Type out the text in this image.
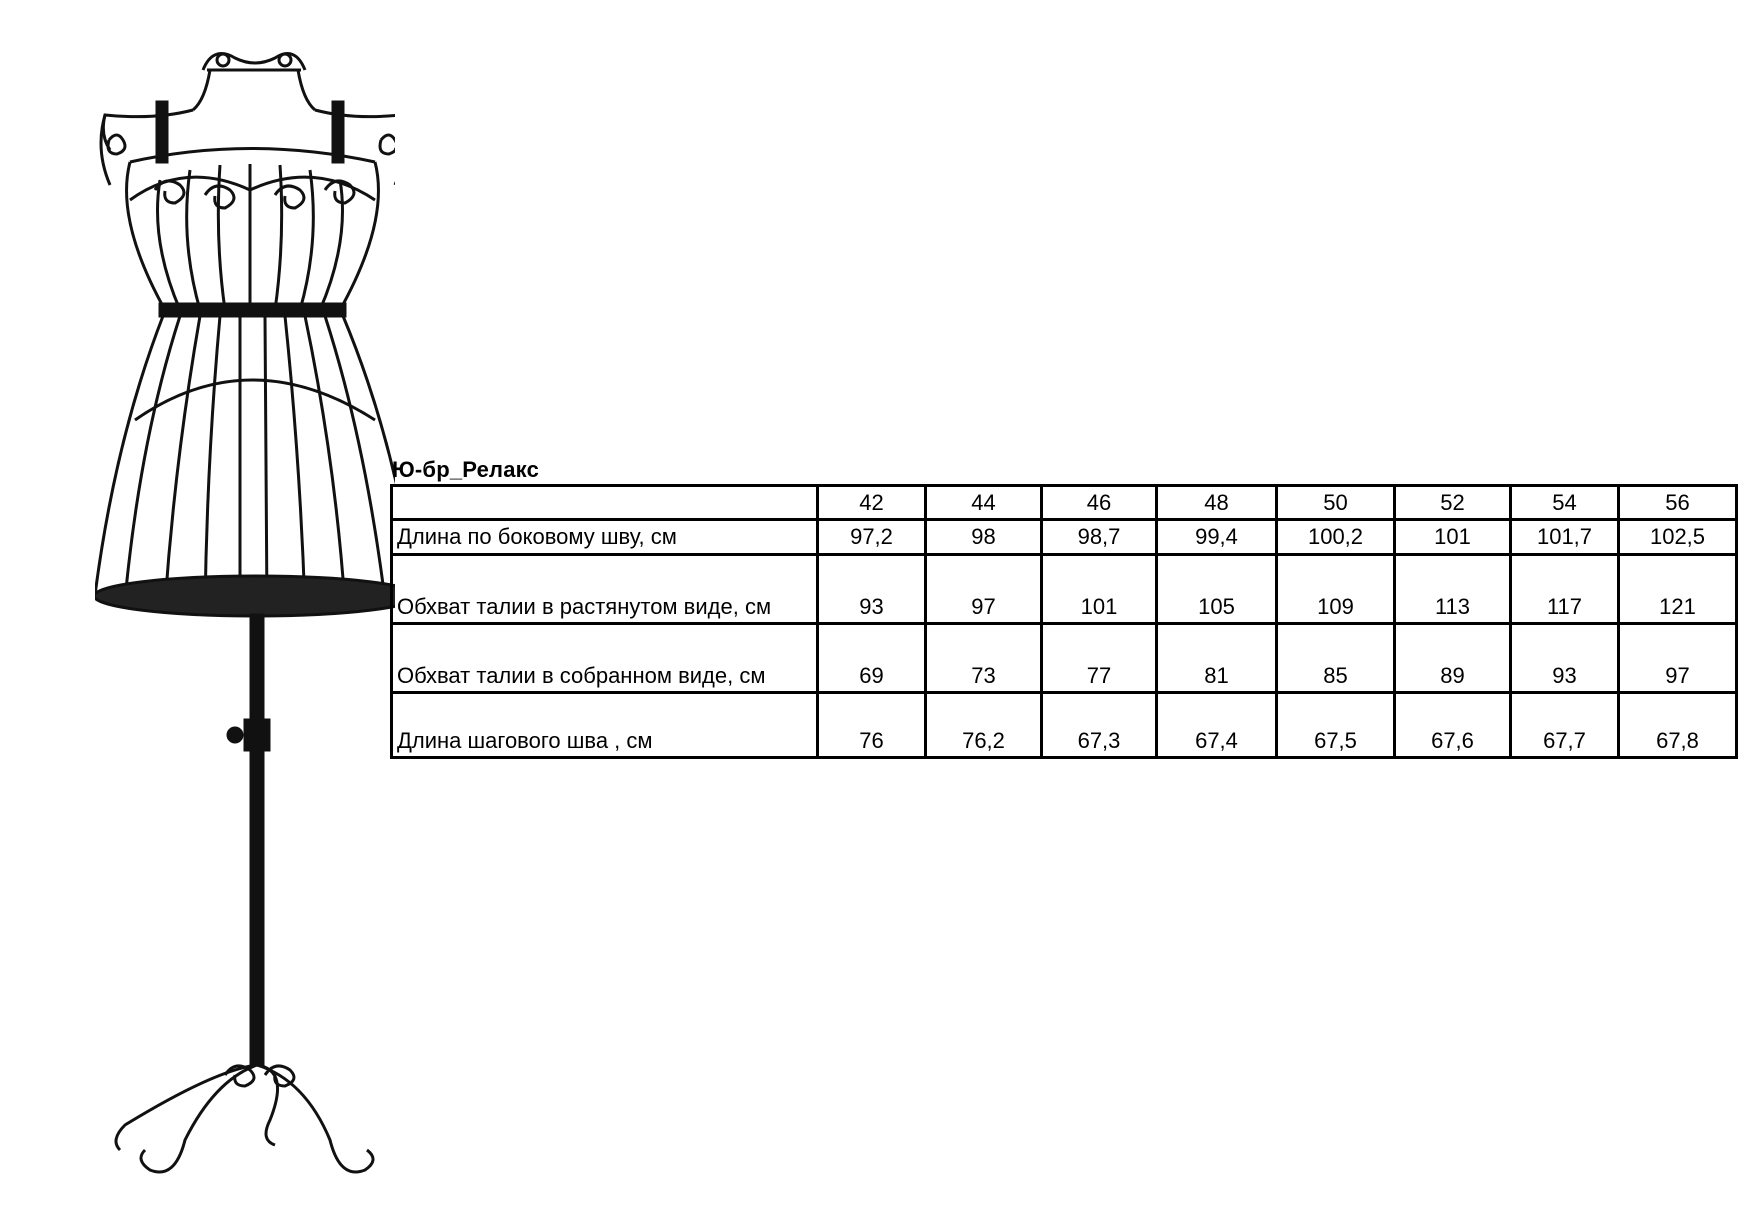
Ю-бр_Релакс
	42	44	46	48	50	52	54	56
Длина по боковому шву, см	97,2	98	98,7	99,4	100,2	101	101,7	102,5
Обхват талии в растянутом виде, см	93	97	101	105	109	113	117	121
Обхват талии в собранном виде, см	69	73	77	81	85	89	93	97
Длина шагового шва , см	76	76,2	67,3	67,4	67,5	67,6	67,7	67,8
